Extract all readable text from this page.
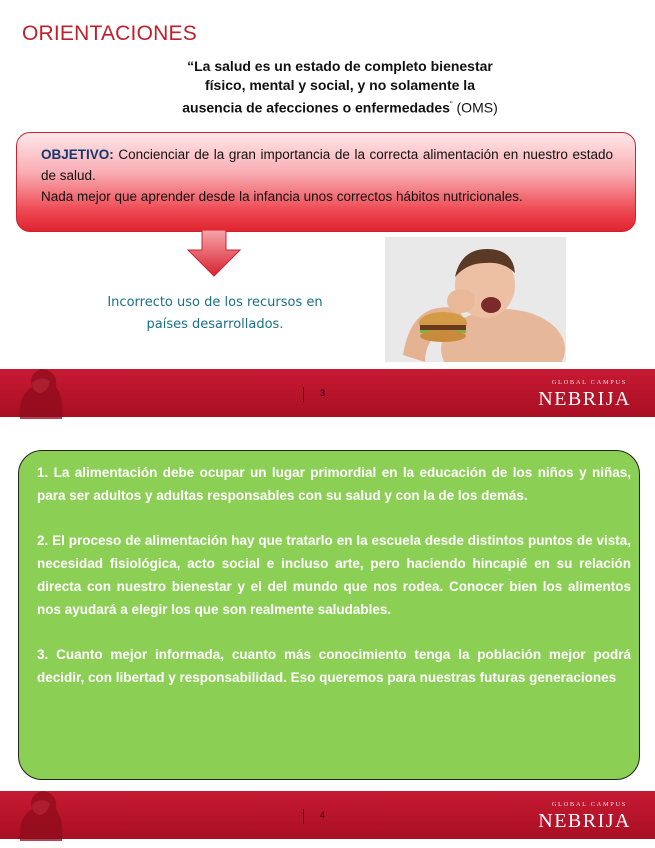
ORIENTACIONES
“La salud es un estado de completo bienestar
físico, mental y social, y no solamente la
ausencia de afecciones o enfermedades“ (OMS)

OBJETIVO: Concienciar de la gran importancia de la correcta alimentación en nuestro estado de salud.

Nada mejor que aprender desde la infancia unos correctos hábitos nutricionales.

Incorrecto uso de los recursos en
países desarrollados.
3
GLOBAL CAMPUS
NEBRIJA

1. La alimentación debe ocupar un lugar primordial en la educación de los niños y niñas, para ser adultos y adultas responsables con su salud y con la de los demás.

2. El proceso de alimentación hay que tratarlo en la escuela desde distintos puntos de vista, necesidad fisiológica, acto social e incluso arte, pero haciendo hincapié en su relación directa con nuestro bienestar y el del mundo que nos rodea. Conocer bien los alimentos nos ayudará a elegir los que son realmente saludables.

3. Cuanto mejor informada, cuanto más conocimiento tenga la población mejor podrá decidir, con libertad y responsabilidad. Eso queremos para nuestras futuras generaciones

4
GLOBAL CAMPUS
NEBRIJA
